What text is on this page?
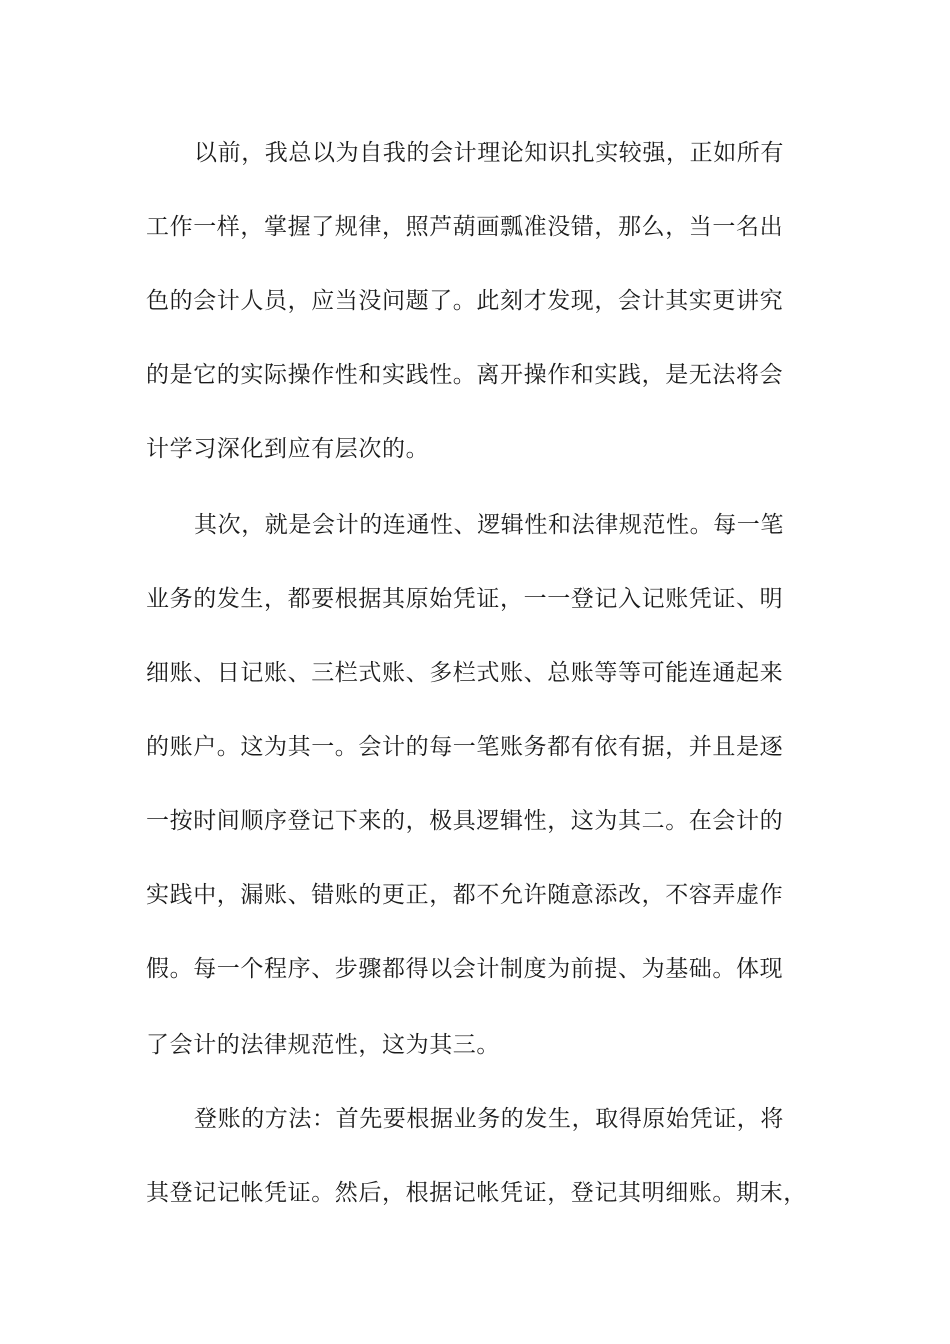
以前，我总以为自我的会计理论知识扎实较强，正如所有
工作一样，掌握了规律，照芦葫画瓢准没错，那么，当一名出
色的会计人员，应当没问题了。此刻才发现，会计其实更讲究
的是它的实际操作性和实践性。离开操作和实践，是无法将会
计学习深化到应有层次的。
其次，就是会计的连通性、逻辑性和法律规范性。每一笔
业务的发生，都要根据其原始凭证，一一登记入记账凭证、明
细账、日记账、三栏式账、多栏式账、总账等等可能连通起来
的账户。这为其一。会计的每一笔账务都有依有据，并且是逐
一按时间顺序登记下来的，极具逻辑性，这为其二。在会计的
实践中，漏账、错账的更正，都不允许随意添改，不容弄虚作
假。每一个程序、步骤都得以会计制度为前提、为基础。体现
了会计的法律规范性，这为其三。
登账的方法：首先要根据业务的发生，取得原始凭证，将
其登记记帐凭证。然后，根据记帐凭证，登记其明细账。期末，
